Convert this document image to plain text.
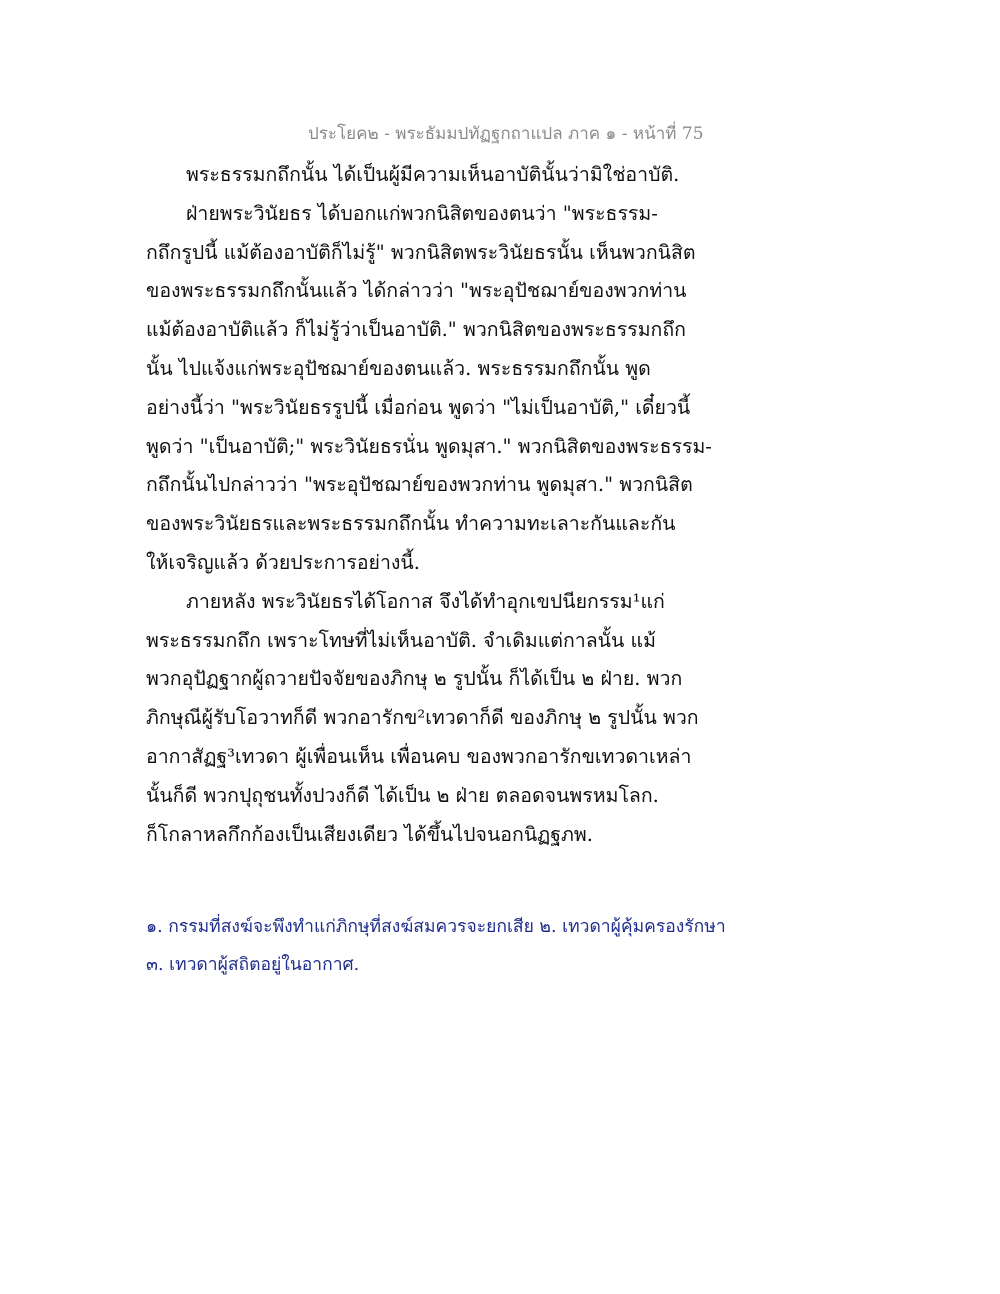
ประโยค๒ - พระธัมมปทัฏฐกถาแปล ภาค ๑ - หน้าที่ 75
พระธรรมกถึกนั้น ได้เป็นผู้มีความเห็นอาบัตินั้นว่ามิใช่อาบัติ.
ฝ่ายพระวินัยธร ได้บอกแก่พวกนิสิตของตนว่า "พระธรรม-
กถึกรูปนี้ แม้ต้องอาบัติก็ไม่รู้" พวกนิสิตพระวินัยธรนั้น เห็นพวกนิสิต
ของพระธรรมกถึกนั้นแล้ว ได้กล่าวว่า "พระอุปัชฌาย์ของพวกท่าน
แม้ต้องอาบัติแล้ว ก็ไม่รู้ว่าเป็นอาบัติ." พวกนิสิตของพระธรรมกถึก
นั้น ไปแจ้งแก่พระอุปัชฌาย์ของตนแล้ว. พระธรรมกถึกนั้น พูด
อย่างนี้ว่า "พระวินัยธรรูปนี้ เมื่อก่อน พูดว่า "ไม่เป็นอาบัติ," เดี๋ยวนี้
พูดว่า "เป็นอาบัติ;" พระวินัยธรนั่น พูดมุสา." พวกนิสิตของพระธรรม-
กถึกนั้นไปกล่าวว่า "พระอุปัชฌาย์ของพวกท่าน พูดมุสา." พวกนิสิต
ของพระวินัยธรและพระธรรมกถึกนั้น ทำความทะเลาะกันและกัน
ให้เจริญแล้ว ด้วยประการอย่างนี้.
ภายหลัง พระวินัยธรได้โอกาส จึงได้ทำอุกเขปนียกรรม¹แก่
พระธรรมกถึก เพราะโทษที่ไม่เห็นอาบัติ. จำเดิมแต่กาลนั้น แม้
พวกอุปัฏฐากผู้ถวายปัจจัยของภิกษุ ๒ รูปนั้น ก็ได้เป็น ๒ ฝ่าย. พวก
ภิกษุณีผู้รับโอวาทก็ดี พวกอารักข²เทวดาก็ดี ของภิกษุ ๒ รูปนั้น พวก
อากาสัฏฐ³เทวดา ผู้เพื่อนเห็น เพื่อนคบ ของพวกอารักขเทวดาเหล่า
นั้นก็ดี พวกปุถุชนทั้งปวงก็ดี ได้เป็น ๒ ฝ่าย ตลอดจนพรหมโลก.
ก็โกลาหลกึกก้องเป็นเสียงเดียว ได้ขึ้นไปจนอกนิฏฐภพ.
๑. กรรมที่สงฆ์จะพึงทำแก่ภิกษุที่สงฆ์สมควรจะยกเสีย ๒. เทวดาผู้คุ้มครองรักษา
๓. เทวดาผู้สถิตอยู่ในอากาศ.
